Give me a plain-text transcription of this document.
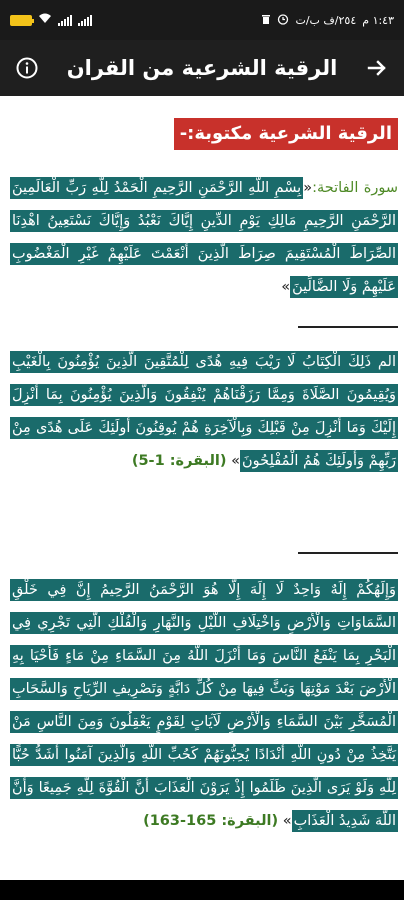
٢٥٤/ف ب/ت ١:٤٣ م
الرقية الشرعية من القران
الرقية الشرعية مكتوبة:-
سورة الفاتحة:«بِسْمِ اللَّهِ الرَّحْمَنِ الرَّحِيمِ الْحَمْدُ لِلَّهِ رَبِّ الْعَالَمِينَ الرَّحْمَنِ الرَّحِيمِ مَالِكِ يَوْمِ الدِّينِ إِيَّاكَ نَعْبُدُ وَإِيَّاكَ نَسْتَعِينُ اهْدِنَا الصِّرَاطَ الْمُسْتَقِيمَ صِرَاطَ الَّذِينَ أَنْعَمْتَ عَلَيْهِمْ غَيْرِ الْمَغْضُوبِ عَلَيْهِمْ وَلَا الضَّالِّينَ»
الم ذَلِكَ الْكِتَابُ لَا رَيْبَ فِيهِ هُدًى لِلْمُتَّقِينَ الَّذِينَ يُؤْمِنُونَ بِالْغَيْبِ وَيُقِيمُونَ الصَّلَاةَ وَمِمَّا رَزَقْنَاهُمْ يُنْفِقُونَ وَالَّذِينَ يُؤْمِنُونَ بِمَا أُنْزِلَ إِلَيْكَ وَمَا أُنْزِلَ مِنْ قَبْلِكَ وَبِالْآخِرَةِ هُمْ يُوقِنُونَ أُولَئِكَ عَلَى هُدًى مِنْ رَبِّهِمْ وَأُولَئِكَ هُمُ الْمُفْلِحُونَ» (البقرة: 1-5)
وَإِلَهُكُمْ إِلَهٌ وَاحِدٌ لَا إِلَهَ إِلَّا هُوَ الرَّحْمَنُ الرَّحِيمُ إِنَّ فِي خَلْقِ السَّمَاوَاتِ وَالْأَرْضِ وَاخْتِلَافِ اللَّيْلِ وَالنَّهَارِ وَالْفُلْكِ الَّتِي تَجْرِي فِي الْبَحْرِ بِمَا يَنْفَعُ النَّاسَ وَمَا أَنْزَلَ اللَّهُ مِنَ السَّمَاءِ مِنْ مَاءٍ فَأَحْيَا بِهِ الْأَرْضَ بَعْدَ مَوْتِهَا وَبَثَّ فِيهَا مِنْ كُلِّ دَابَّةٍ وَتَصْرِيفِ الرِّيَاحِ وَالسَّحَابِ الْمُسَخَّرِ بَيْنَ السَّمَاءِ وَالْأَرْضِ لَآيَاتٍ لِقَوْمٍ يَعْقِلُونَ وَمِنَ النَّاسِ مَنْ يَتَّخِذُ مِنْ دُونِ اللَّهِ أَنْدَادًا يُحِبُّونَهُمْ كَحُبِّ اللَّهِ وَالَّذِينَ آمَنُوا أَشَدُّ حُبًّا لِلَّهِ وَلَوْ يَرَى الَّذِينَ ظَلَمُوا إِذْ يَرَوْنَ الْعَذَابَ أَنَّ الْقُوَّةَ لِلَّهِ جَمِيعًا وَأَنَّ اللَّهَ شَدِيدُ الْعَذَابِ» (البقرة: 165-163)
